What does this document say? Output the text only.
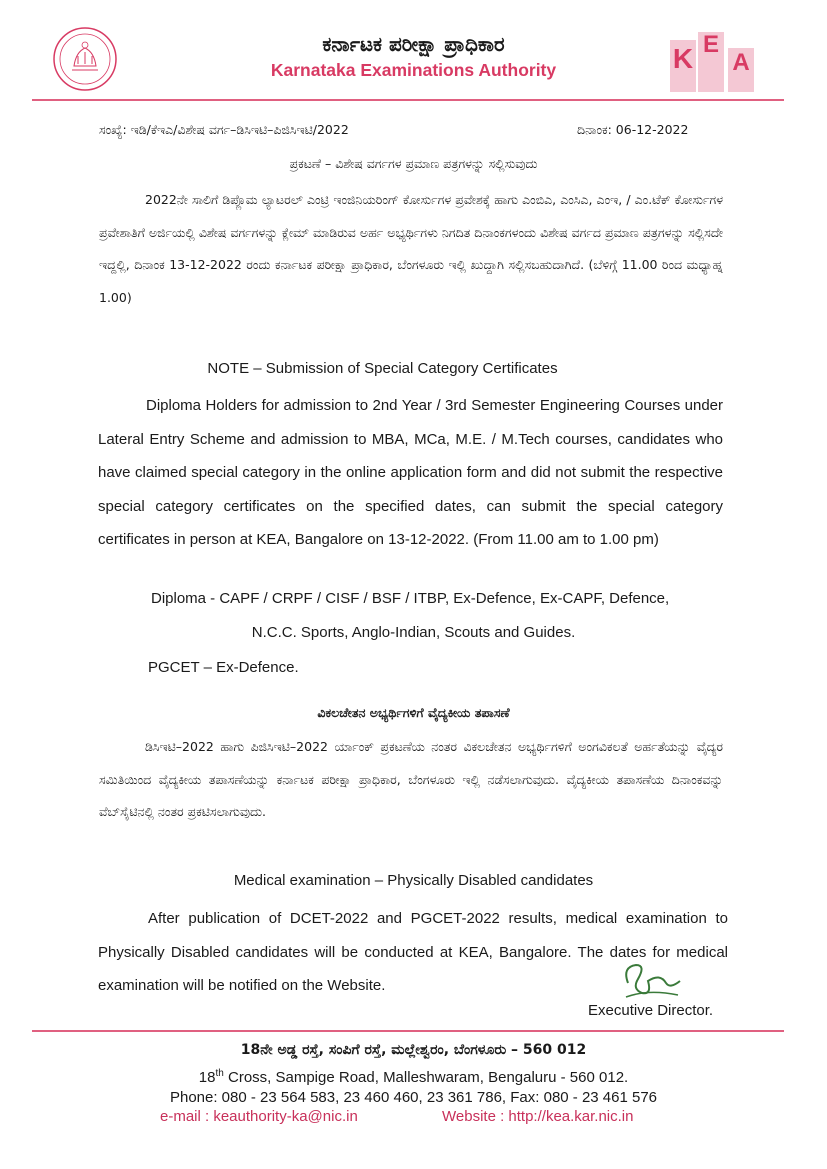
ಕರ್ನಾಟಕ ಪರೀಕ್ಷಾ ಪ್ರಾಧಿಕಾರ
Karnataka Examinations Authority	K E
A
ಸಂಖ್ಯೆ: ಇಡಿ/ಕೆಇಎ/ವಿಶೇಷ ವರ್ಗ–ಡಿಸಿಇಟಿ–ಪಿಜಿಸಿಇಟಿ/2022	ದಿನಾಂಕ: 06-12-2022
ಪ್ರಕಟಣೆ – ವಿಶೇಷ ವರ್ಗಗಳ ಪ್ರಮಾಣ ಪತ್ರಗಳನ್ನು ಸಲ್ಲಿಸುವುದು

2022ನೇ ಸಾಲಿಗೆ ಡಿಪ್ಲೊಮ ಲ್ಯಾಟರಲ್ ಎಂಟ್ರಿ ಇಂಜಿನಿಯರಿಂಗ್ ಕೋರ್ಸುಗಳ ಪ್ರವೇಶಕ್ಕೆ ಹಾಗು ಎಂಬಿಎ, ಎಂಸಿಎ, ಎಂಇ, / ಎಂ.ಟೆಕ್ ಕೋರ್ಸುಗಳ ಪ್ರವೇಶಾತಿಗೆ ಅರ್ಜಿಯಲ್ಲಿ ವಿಶೇಷ ವರ್ಗಗಳನ್ನು ಕ್ಲೇಮ್ ಮಾಡಿರುವ ಅರ್ಹ ಅಭ್ಯರ್ಥಿಗಳು ನಿಗದಿತ ದಿನಾಂಕಗಳಂದು ವಿಶೇಷ ವರ್ಗದ ಪ್ರಮಾಣ ಪತ್ರಗಳನ್ನು ಸಲ್ಲಿಸದೇ ಇದ್ದಲ್ಲಿ, ದಿನಾಂಕ 13-12-2022 ರಂದು ಕರ್ನಾಟಕ ಪರೀಕ್ಷಾ ಪ್ರಾಧಿಕಾರ, ಬೆಂಗಳೂರು ಇಲ್ಲಿ ಖುದ್ದಾಗಿ ಸಲ್ಲಿಸಬಹುದಾಗಿದೆ. (ಬೆಳಿಗ್ಗೆ 11.00 ರಿಂದ ಮಧ್ಯಾಹ್ನ 1.00)

NOTE – Submission of Special Category Certificates

Diploma Holders for admission to 2nd Year / 3rd Semester Engineering Courses under Lateral Entry Scheme and admission to MBA, MCa, M.E. / M.Tech courses, candidates who have claimed special category in the online application form and did not submit the respective special category certificates on the specified dates, can submit the special category certificates in person at KEA, Bangalore on 13-12-2022. (From 11.00 am to 1.00 pm)

Diploma - CAPF / CRPF / CISF / BSF / ITBP, Ex-Defence, Ex-CAPF, Defence,
N.C.C. Sports, Anglo-Indian, Scouts and Guides.
PGCET – Ex-Defence.
ವಿಕಲಚೇತನ ಅಭ್ಯರ್ಥಿಗಳಿಗೆ ವೈದ್ಯಕೀಯ ತಪಾಸಣೆ

ಡಿಸಿಇಟಿ–2022 ಹಾಗು ಪಿಜಿಸಿಇಟಿ–2022 ರ್ಯಾಂಕ್ ಪ್ರಕಟಣೆಯ ನಂತರ ವಿಕಲಚೇತನ ಅಭ್ಯರ್ಥಿಗಳಿಗೆ ಅಂಗವಿಕಲತೆ ಅರ್ಹತೆಯನ್ನು ವೈದ್ಯರ ಸಮಿತಿಯಿಂದ ವೈದ್ಯಕೀಯ ತಪಾಸಣೆಯನ್ನು ಕರ್ನಾಟಕ ಪರೀಕ್ಷಾ ಪ್ರಾಧಿಕಾರ, ಬೆಂಗಳೂರು ಇಲ್ಲಿ ನಡೆಸಲಾಗುವುದು. ವೈದ್ಯಕೀಯ ತಪಾಸಣೆಯ ದಿನಾಂಕವನ್ನು ವೆಬ್‌ಸೈಟಿನಲ್ಲಿ ನಂತರ ಪ್ರಕಟಿಸಲಾಗುವುದು.

Medical examination – Physically Disabled candidates

After publication of DCET-2022 and PGCET-2022 results, medical examination to Physically Disabled candidates will be conducted at KEA, Bangalore. The dates for medical examination will be notified on the Website.

Executive Director.
18ನೇ ಅಡ್ಡ ರಸ್ತೆ, ಸಂಪಿಗೆ ರಸ್ತೆ, ಮಲ್ಲೇಶ್ವರಂ, ಬೆಂಗಳೂರು – 560 012
18th Cross, Sampige Road, Malleshwaram, Bengaluru - 560 012.
Phone: 080 - 23 564 583, 23 460 460, 23 361 786, Fax: 080 - 23 461 576
e-mail : keauthority-ka@nic.in	Website : http://kea.kar.nic.in
